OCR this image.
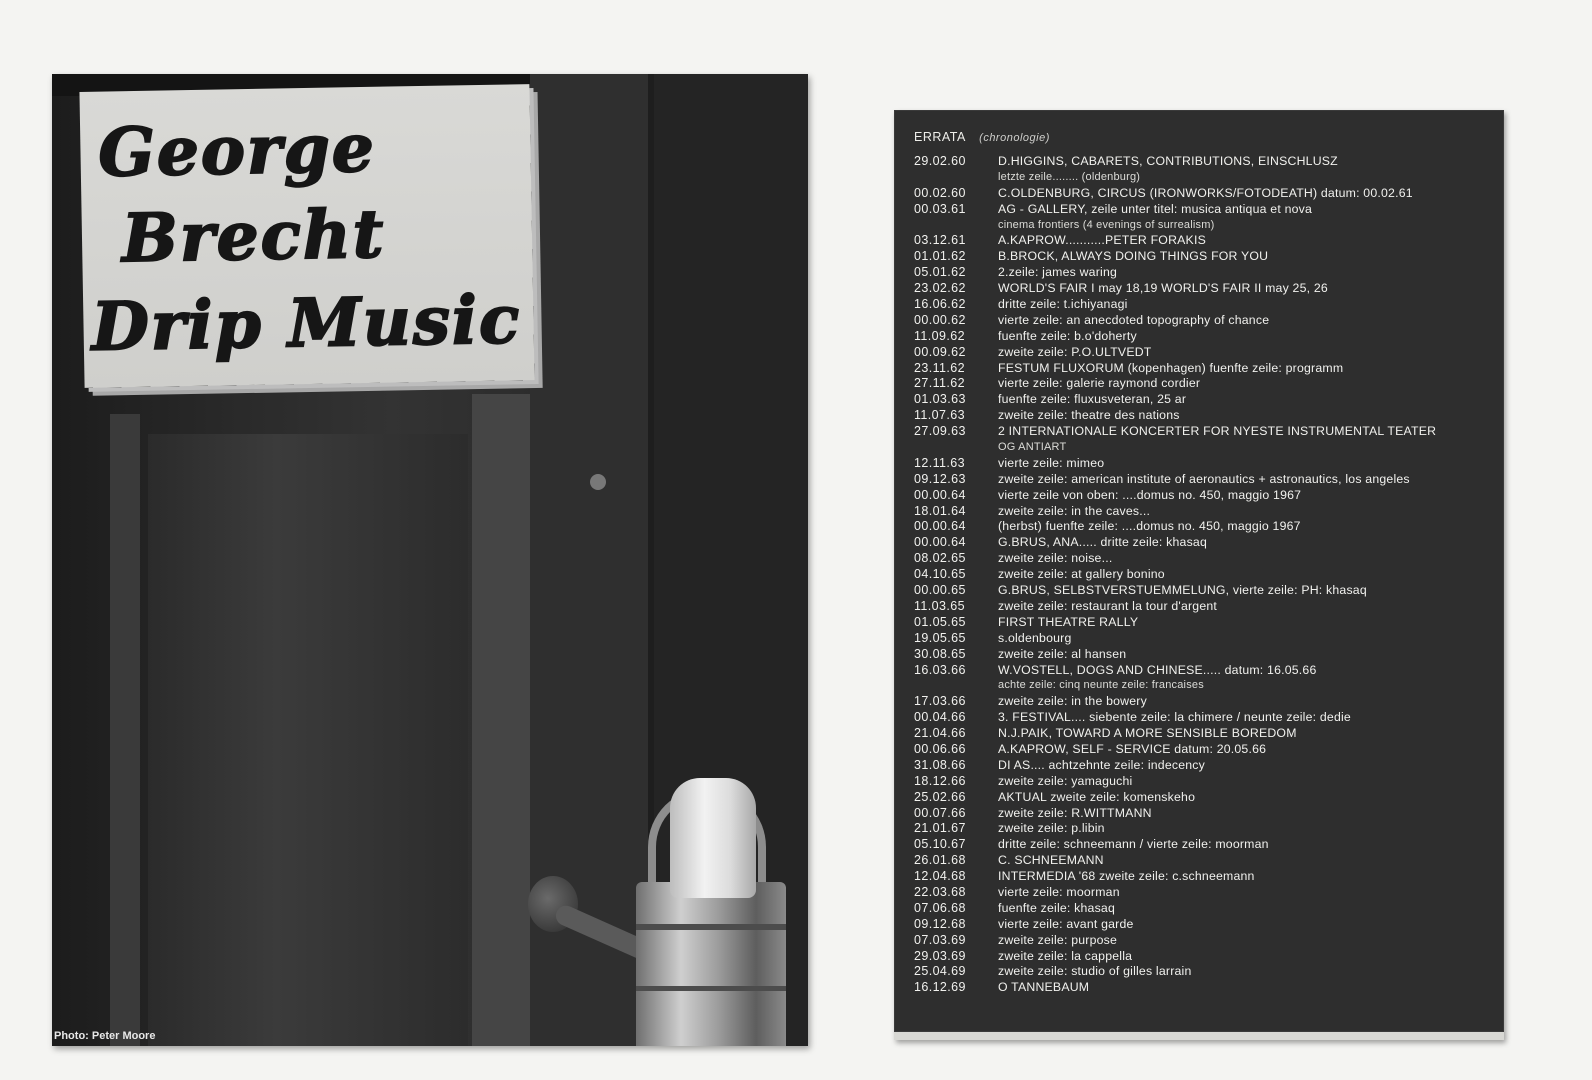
George
Brecht
Drip Music
Photo: Peter Moore
ERRATA (chronologie)
29.02.60	D.HIGGINS, CABARETS, CONTRIBUTIONS, EINSCHLUSZ
letzte zeile........ (oldenburg)
00.02.60	C.OLDENBURG, CIRCUS (IRONWORKS/FOTODEATH) datum: 00.02.61
00.03.61	AG - GALLERY, zeile unter titel: musica antiqua et nova
cinema frontiers (4 evenings of surrealism)
03.12.61	A.KAPROW...........PETER FORAKIS
01.01.62	B.BROCK, ALWAYS DOING THINGS FOR YOU
05.01.62	2.zeile: james waring
23.02.62	WORLD'S FAIR I may 18,19 WORLD'S FAIR II may 25, 26
16.06.62	dritte zeile: t.ichiyanagi
00.00.62	vierte zeile: an anecdoted topography of chance
11.09.62	fuenfte zeile: b.o'doherty
00.09.62	zweite zeile: P.O.ULTVEDT
23.11.62	FESTUM FLUXORUM (kopenhagen) fuenfte zeile: programm
27.11.62	vierte zeile: galerie raymond cordier
01.03.63	fuenfte zeile: fluxusveteran, 25 ar
11.07.63	zweite zeile: theatre des nations
27.09.63	2 INTERNATIONALE KONCERTER FOR NYESTE INSTRUMENTAL TEATER
OG ANTIART
12.11.63	vierte zeile: mimeo
09.12.63	zweite zeile: american institute of aeronautics + astronautics, los angeles
00.00.64	vierte zeile von oben: ....domus no. 450, maggio 1967
18.01.64	zweite zeile: in the caves...
00.00.64	(herbst) fuenfte zeile: ....domus no. 450, maggio 1967
00.00.64	G.BRUS, ANA..... dritte zeile: khasaq
08.02.65	zweite zeile: noise...
04.10.65	zweite zeile: at gallery bonino
00.00.65	G.BRUS, SELBSTVERSTUEMMELUNG, vierte zeile: PH: khasaq
11.03.65	zweite zeile: restaurant la tour d'argent
01.05.65	FIRST THEATRE RALLY
19.05.65	s.oldenbourg
30.08.65	zweite zeile: al hansen
16.03.66	W.VOSTELL, DOGS AND CHINESE..... datum: 16.05.66
achte zeile: cinq neunte zeile: francaises
17.03.66	zweite zeile: in the bowery
00.04.66	3. FESTIVAL.... siebente zeile: la chimere / neunte zeile: dedie
21.04.66	N.J.PAIK, TOWARD A MORE SENSIBLE BOREDOM
00.06.66	A.KAPROW, SELF - SERVICE datum: 20.05.66
31.08.66	DI AS.... achtzehnte zeile: indecency
18.12.66	zweite zeile: yamaguchi
25.02.66	AKTUAL zweite zeile: komenskeho
00.07.66	zweite zeile: R.WITTMANN
21.01.67	zweite zeile: p.libin
05.10.67	dritte zeile: schneemann / vierte zeile: moorman
26.01.68	C. SCHNEEMANN
12.04.68	INTERMEDIA '68 zweite zeile: c.schneemann
22.03.68	vierte zeile: moorman
07.06.68	fuenfte zeile: khasaq
09.12.68	vierte zeile: avant garde
07.03.69	zweite zeile: purpose
29.03.69	zweite zeile: la cappella
25.04.69	zweite zeile: studio of gilles larrain
16.12.69	O TANNEBAUM
